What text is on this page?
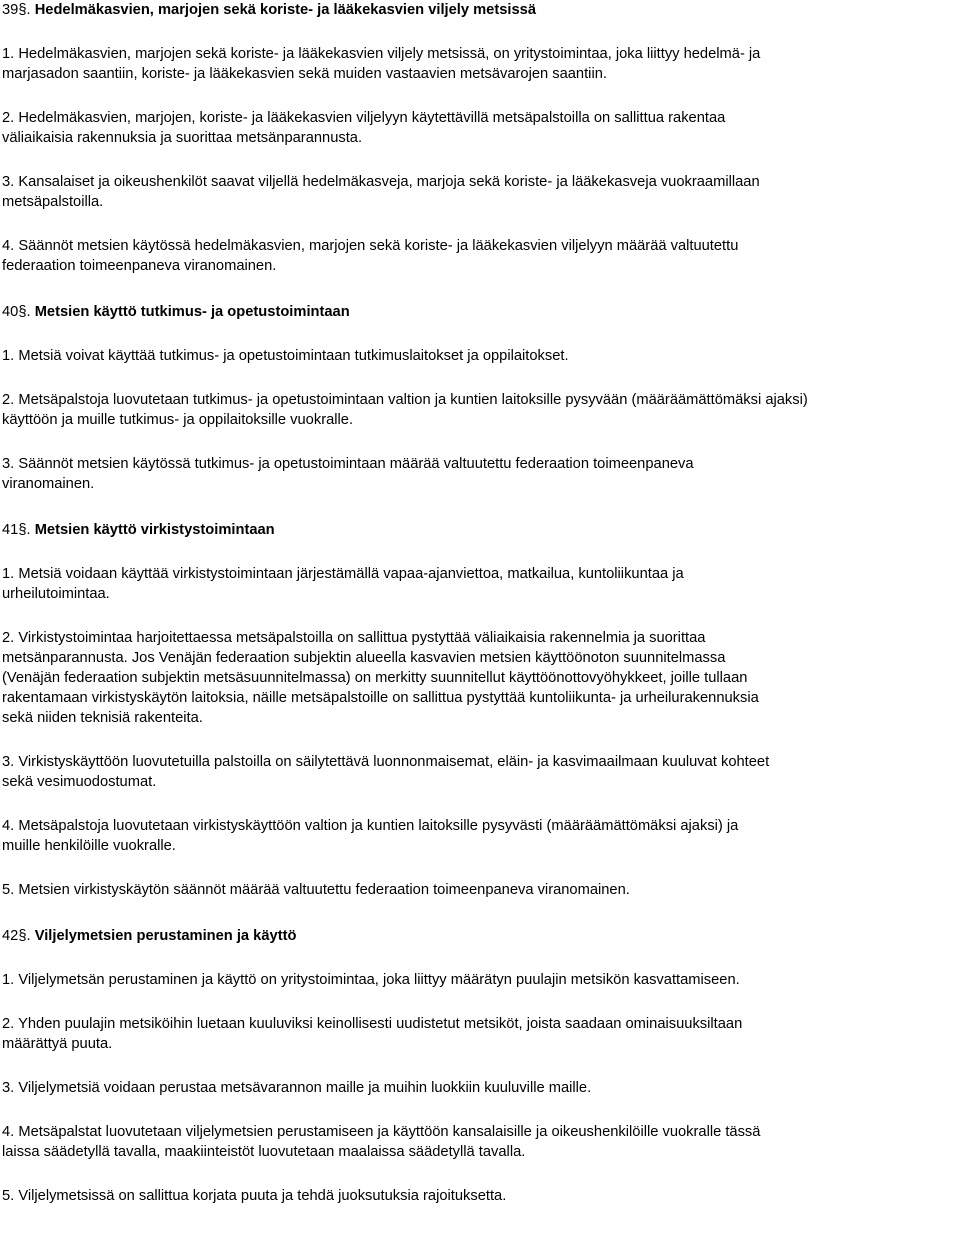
39§. Hedelmäkasvien, marjojen sekä koriste- ja lääkekasvien viljely metsissä
1. Hedelmäkasvien, marjojen sekä koriste- ja lääkekasvien viljely metsissä, on yritystoimintaa, joka liittyy hedelmä- ja
marjasadon saantiin, koriste- ja lääkekasvien sekä muiden vastaavien metsävarojen saantiin.
2. Hedelmäkasvien, marjojen, koriste- ja lääkekasvien viljelyyn käytettävillä metsäpalstoilla on sallittua rakentaa
väliaikaisia rakennuksia ja suorittaa metsänparannusta.
3. Kansalaiset ja oikeushenkilöt saavat viljellä hedelmäkasveja, marjoja sekä koriste- ja lääkekasveja vuokraamillaan
metsäpalstoilla.
4. Säännöt metsien käytössä hedelmäkasvien, marjojen sekä koriste- ja lääkekasvien viljelyyn määrää valtuutettu
federaation toimeenpaneva viranomainen.
40§. Metsien käyttö tutkimus- ja opetustoimintaan
1. Metsiä voivat käyttää tutkimus- ja opetustoimintaan tutkimuslaitokset ja oppilaitokset.
2. Metsäpalstoja luovutetaan tutkimus- ja opetustoimintaan valtion ja kuntien laitoksille pysyvään (määräämättömäksi ajaksi)
käyttöön ja muille tutkimus- ja oppilaitoksille vuokralle.
3. Säännöt metsien käytössä tutkimus- ja opetustoimintaan määrää valtuutettu federaation toimeenpaneva
viranomainen.
41§. Metsien käyttö virkistystoimintaan
1. Metsiä voidaan käyttää virkistystoimintaan järjestämällä vapaa-ajanviettoa, matkailua, kuntoliikuntaa ja
urheilutoimintaa.
2. Virkistystoimintaa harjoitettaessa metsäpalstoilla on sallittua pystyttää väliaikaisia rakennelmia ja suorittaa
metsänparannusta. Jos Venäjän federaation subjektin alueella kasvavien metsien käyttöönoton suunnitelmassa
(Venäjän federaation subjektin metsäsuunnitelmassa) on merkitty suunnitellut käyttöönottovyöhykkeet, joille tullaan
rakentamaan virkistyskäytön laitoksia, näille metsäpalstoille on sallittua pystyttää kuntoliikunta- ja urheilurakennuksia
sekä niiden teknisiä rakenteita.
3. Virkistyskäyttöön luovutetuilla palstoilla on säilytettävä luonnonmaisemat, eläin- ja kasvimaailmaan kuuluvat kohteet
sekä vesimuodostumat.
4. Metsäpalstoja luovutetaan virkistyskäyttöön valtion ja kuntien laitoksille pysyvästi (määräämättömäksi ajaksi) ja
muille henkilöille vuokralle.
5. Metsien virkistyskäytön säännöt määrää valtuutettu federaation toimeenpaneva viranomainen.
42§. Viljelymetsien perustaminen ja käyttö
1. Viljelymetsän perustaminen ja käyttö on yritystoimintaa, joka liittyy määrätyn puulajin metsikön kasvattamiseen.
2. Yhden puulajin metsiköihin luetaan kuuluviksi keinollisesti uudistetut metsiköt, joista saadaan ominaisuuksiltaan
määrättyä puuta.
3. Viljelymetsiä voidaan perustaa metsävarannon maille ja muihin luokkiin kuuluville maille.
4. Metsäpalstat luovutetaan viljelymetsien perustamiseen ja käyttöön kansalaisille ja oikeushenkilöille vuokralle tässä
laissa säädetyllä tavalla, maakiinteistöt luovutetaan maalaissa säädetyllä tavalla.
5. Viljelymetsissä on sallittua korjata puuta ja tehdä juoksutuksia rajoituksetta.
